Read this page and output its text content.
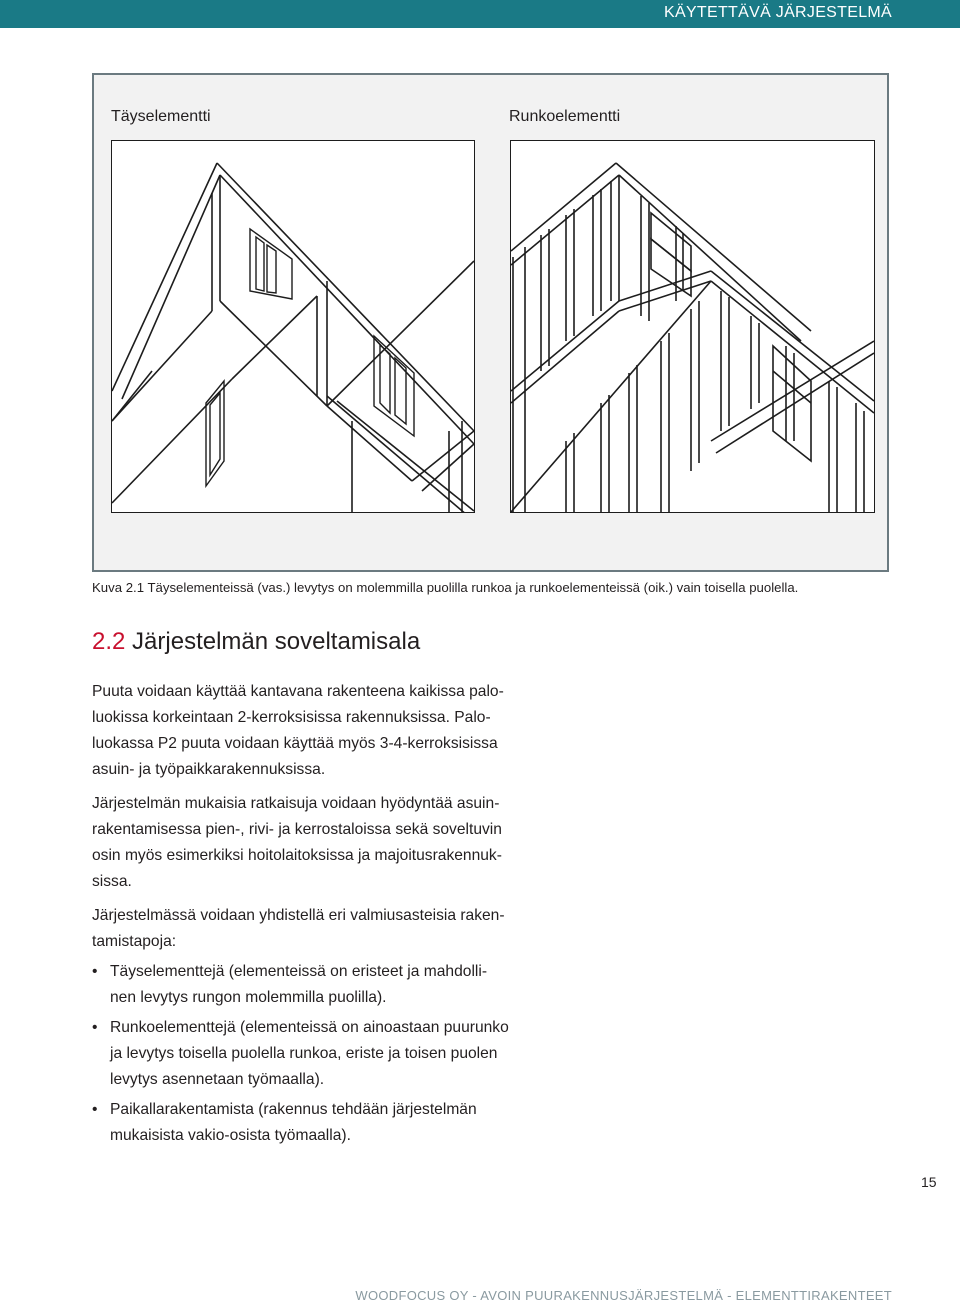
KÄYTETTÄVÄ JÄRJESTELMÄ
Täyselementti	Runkoelementti
Kuva 2.1 Täyselementeissä (vas.) levytys on molemmilla puolilla runkoa ja runkoelementeissä (oik.) vain toisella puolella.
2.2 Järjestelmän soveltamisala
Puuta voidaan käyttää kantavana rakenteena kaikissa palo-
luokissa korkeintaan 2-kerroksisissa rakennuksissa. Palo-
luokassa P2 puuta voidaan käyttää myös 3-4-kerroksisissa
asuin- ja työpaikkarakennuksissa.
Järjestelmän mukaisia ratkaisuja voidaan hyödyntää asuin-
rakentamisessa pien-, rivi- ja kerrostaloissa sekä soveltuvin
osin myös esimerkiksi hoitolaitoksissa ja majoitusrakennuk-
sissa.
Järjestelmässä voidaan yhdistellä eri valmiusasteisia raken-
tamistapoja:
• Täyselementtejä (elementeissä on eristeet ja mahdolli-
nen levytys rungon molemmilla puolilla).
• Runkoelementtejä (elementeissä on ainoastaan puurunko
ja levytys toisella puolella runkoa, eriste ja toisen puolen
levytys asennetaan työmaalla).
• Paikallarakentamista (rakennus tehdään järjestelmän
mukaisista vakio-osista työmaalla).
15
WOODFOCUS OY - AVOIN PUURAKENNUSJÄRJESTELMÄ - ELEMENTTIRAKENTEET
